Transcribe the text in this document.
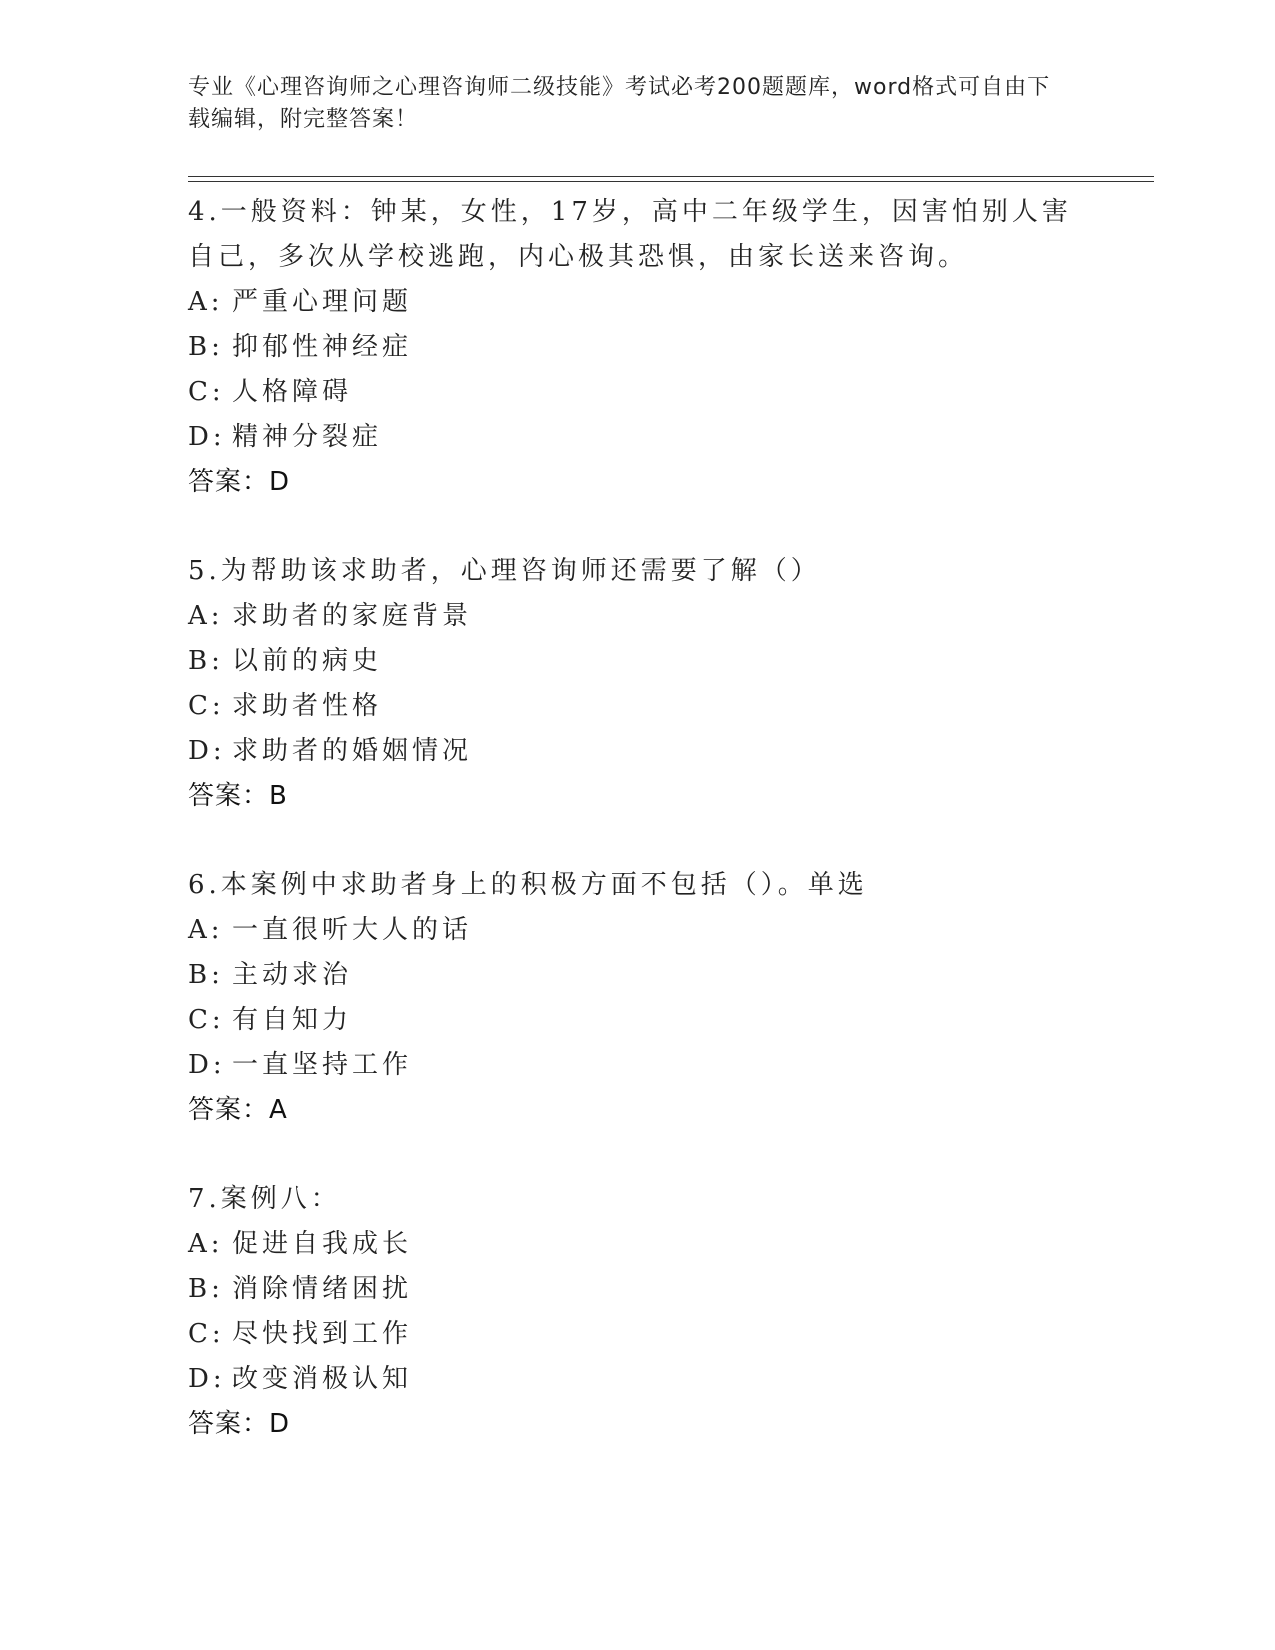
专业《心理咨询师之心理咨询师二级技能》考试必考200题题库，word格式可自由下载编辑，附完整答案！
4.一般资料：钟某，女性，17岁，高中二年级学生，因害怕别人害自己，多次从学校逃跑，内心极其恐惧，由家长送来咨询。
A: 严重心理问题
B: 抑郁性神经症
C: 人格障碍
D: 精神分裂症
答案：D
5.为帮助该求助者，心理咨询师还需要了解（）
A: 求助者的家庭背景
B: 以前的病史
C: 求助者性格
D: 求助者的婚姻情况
答案：B
6.本案例中求助者身上的积极方面不包括（）。单选
A: 一直很听大人的话
B: 主动求治
C: 有自知力
D: 一直坚持工作
答案：A
7.案例八：
A: 促进自我成长
B: 消除情绪困扰
C: 尽快找到工作
D: 改变消极认知
答案：D
